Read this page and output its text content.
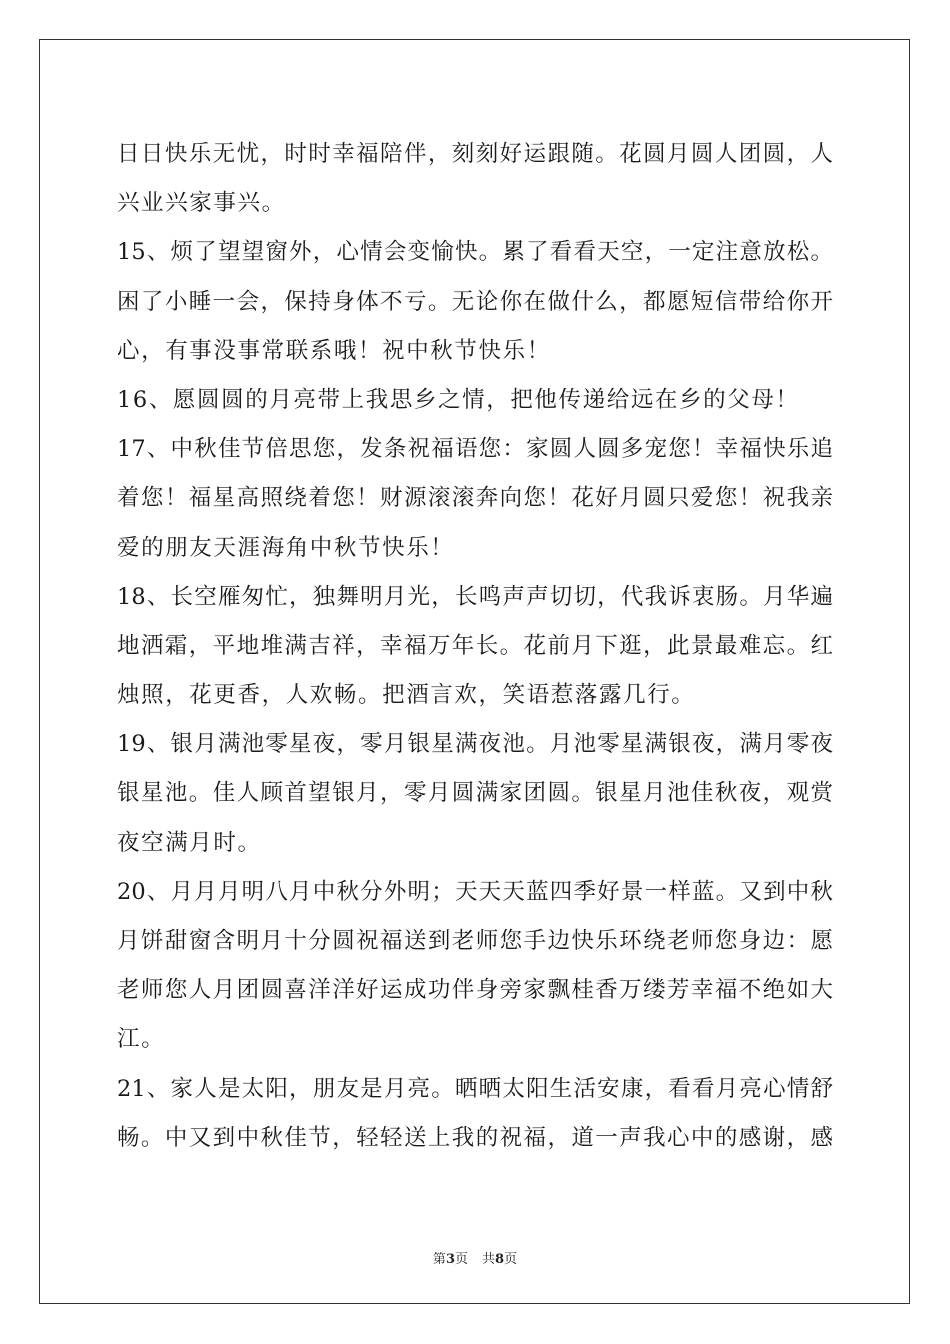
日日快乐无忧，时时幸福陪伴，刻刻好运跟随。花圆月圆人团圆，人
兴业兴家事兴。
15、烦了望望窗外，心情会变愉快。累了看看天空，一定注意放松。
困了小睡一会，保持身体不亏。无论你在做什么，都愿短信带给你开
心，有事没事常联系哦！祝中秋节快乐！
16、愿圆圆的月亮带上我思乡之情，把他传递给远在乡的父母！
17、中秋佳节倍思您，发条祝福语您：家圆人圆多宠您！幸福快乐追
着您！福星高照绕着您！财源滚滚奔向您！花好月圆只爱您！祝我亲
爱的朋友天涯海角中秋节快乐！
18、长空雁匆忙，独舞明月光，长鸣声声切切，代我诉衷肠。月华遍
地洒霜，平地堆满吉祥，幸福万年长。花前月下逛，此景最难忘。红
烛照，花更香，人欢畅。把酒言欢，笑语惹落露几行。
19、银月满池零星夜，零月银星满夜池。月池零星满银夜，满月零夜
银星池。佳人顾首望银月，零月圆满家团圆。银星月池佳秋夜，观赏
夜空满月时。
20、月月月明八月中秋分外明；天天天蓝四季好景一样蓝。又到中秋
月饼甜窗含明月十分圆祝福送到老师您手边快乐环绕老师您身边：愿
老师您人月团圆喜洋洋好运成功伴身旁家飘桂香万缕芳幸福不绝如大
江。
21、家人是太阳，朋友是月亮。晒晒太阳生活安康，看看月亮心情舒
畅。中又到中秋佳节，轻轻送上我的祝福，道一声我心中的感谢，感
第3页 共8页
